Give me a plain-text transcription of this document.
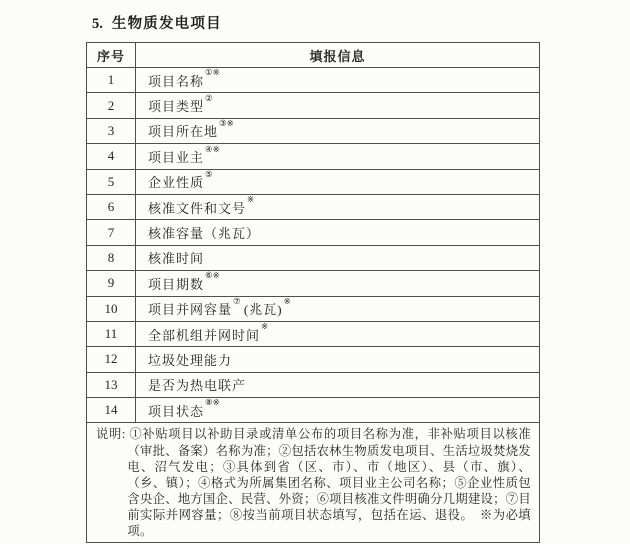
5. 生物质发电项目
序号	填报信息
1	项目名称①※
2	项目类型②
3	项目所在地③※
4	项目业主④※
5	企业性质⑤
6	核准文件和文号※
7	核准容量（兆瓦）
8	核准时间
9	项目期数⑥※
10	项目并网容量⑦ (兆瓦)※
11	全部机组并网时间※
12	垃圾处理能力
13	是否为热电联产
14	项目状态⑧※

说明: ①补贴项目以补助目录或清单公布的项目名称为准，非补贴项目以核准（审批、备案）名称为准；②包括农林生物质发电项目、生活垃圾焚烧发电、沼气发电；③具体到省（区、市）、市（地区）、县（市、旗）、（乡、镇）；④格式为所属集团名称、项目业主公司名称；⑤企业性质包含央企、地方国企、民营、外资；⑥项目核准文件明确分几期建设；⑦目前实际并网容量；⑧按当前项目状态填写，包括在运、退役。　※为必填项。	
